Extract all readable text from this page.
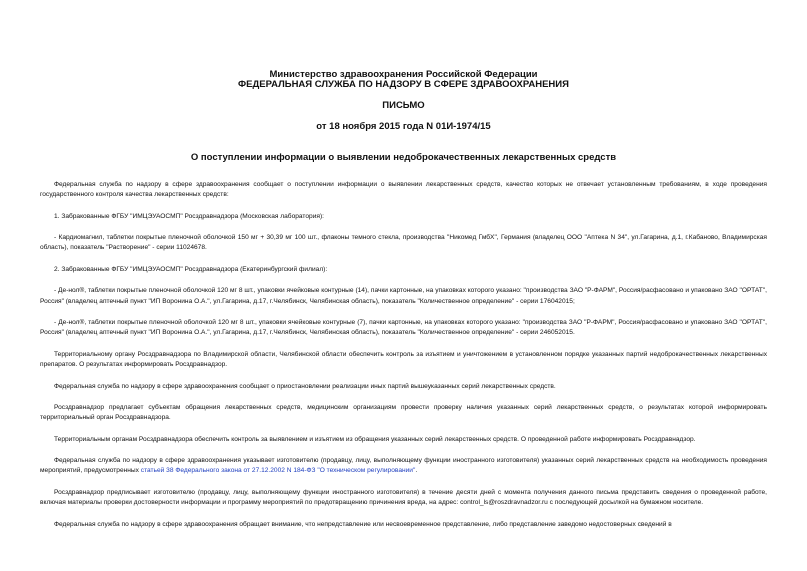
Министерство здравоохранения Российской Федерации
ФЕДЕРАЛЬНАЯ СЛУЖБА ПО НАДЗОРУ В СФЕРЕ ЗДРАВООХРАНЕНИЯ
ПИСЬМО
от 18 ноября 2015 года N 01И-1974/15
О поступлении информации о выявлении недоброкачественных лекарственных средств

Федеральная служба по надзору в сфере здравоохранения сообщает о поступлении информации о выявлении лекарственных средств, качество которых не отвечает установленным требованиям, в ходе проведения государственного контроля качества лекарственных средств:

1. Забракованные ФГБУ "ИМЦЭУАОСМП" Росздравнадзора (Московская лаборатория):

- Кардиомагнил, таблетки покрытые пленочной оболочкой 150 мг + 30,39 мг 100 шт., флаконы темного стекла, производства "Никомед ГмбХ", Германия (владелец ООО "Аптека N 34", ул.Гагарина, д.1, г.Кабаново, Владимирская область), показатель "Растворение" - серии 11024678.

2. Забракованные ФГБУ "ИМЦЭУАОСМП" Росздравнадзора (Екатеринбургский филиал):

- Де-нол®, таблетки покрытые пленочной оболочкой 120 мг 8 шт., упаковки ячейковые контурные (14), пачки картонные, на упаковках которого указано: "производства ЗАО "Р-ФАРМ", Россия/расфасовано и упаковано ЗАО "ОРТАТ", Россия" (владелец аптечный пункт "ИП Воронина О.А.", ул.Гагарина, д.17, г.Челябинск, Челябинская область), показатель "Количественное определение" - серии 176042015;

- Де-нол®, таблетки покрытые пленочной оболочкой 120 мг 8 шт., упаковки ячейковые контурные (7), пачки картонные, на упаковках которого указано: "производства ЗАО "Р-ФАРМ", Россия/расфасовано и упаковано ЗАО "ОРТАТ", Россия" (владелец аптечный пункт "ИП Воронина О.А.", ул.Гагарина, д.17, г.Челябинск, Челябинская область), показатель "Количественное определение" - серии 246052015.

Территориальному органу Росздравнадзора по Владимирской области, Челябинской области обеспечить контроль за изъятием и уничтожением в установленном порядке указанных партий недоброкачественных лекарственных препаратов. О результатах информировать Росздравнадзор.

Федеральная служба по надзору в сфере здравоохранения сообщает о приостановлении реализации иных партий вышеуказанных серий лекарственных средств.

Росздравнадзор предлагает субъектам обращения лекарственных средств, медицинским организациям провести проверку наличия указанных серий лекарственных средств, о результатах которой информировать территориальный орган Росздравнадзора.

Территориальным органам Росздравнадзора обеспечить контроль за выявлением и изъятием из обращения указанных серий лекарственных средств. О проведенной работе информировать Росздравнадзор.

Федеральная служба по надзору в сфере здравоохранения указывает изготовителю (продавцу, лицу, выполняющему функции иностранного изготовителя) указанных серий лекарственных средств на необходимость проведения мероприятий, предусмотренных статьей 38 Федерального закона от 27.12.2002 N 184-ФЗ "О техническом регулировании".

Росздравнадзор предписывает изготовителю (продавцу, лицу, выполняющему функции иностранного изготовителя) в течение десяти дней с момента получения данного письма представить сведения о проведенной работе, включая материалы проверки достоверности информации и программу мероприятий по предотвращению причинения вреда, на адрес: control_ls@roszdravnadzor.ru с последующей досылкой на бумажном носителе.

Федеральная служба по надзору в сфере здравоохранения обращает внимание, что непредставление или несвоевременное представление, либо представление заведомо недостоверных сведений в
